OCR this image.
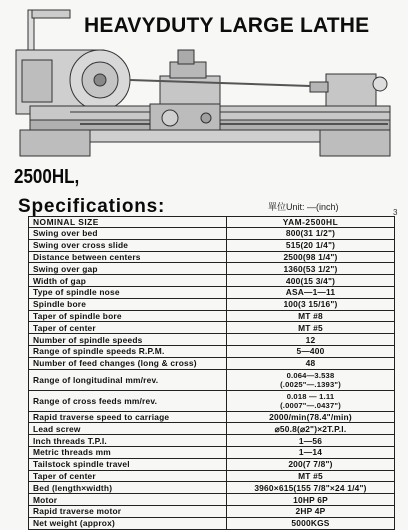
HEAVYDUTY LARGE LATHE
2500HL,
Specifications:	單位Unit: —(inch)
3
NOMINAL SIZE	YAM-2500HL
Swing over bed	800(31 1/2")
Swing over cross slide	515(20 1/4")
Distance between centers	2500(98 1/4")
Swing over gap	1360(53 1/2")
Width of gap	400(15 3/4")
Type of spindle nose	ASA—1—11
Spindle bore	100(3 15/16")
Taper of spindle bore	MT #8
Taper of center	MT #5
Number of spindle speeds	12
Range of spindle speeds R.P.M.	5—400
Number of feed changes (long & cross)	48
Range of longitudinal mm/rev.	0.064—3.538
(.0025"—.1393")

Range of cross feeds mm/rev.	0.018 — 1.11
(.0007"—.0437")

Rapid traverse speed to carriage	2000/min(78.4"/min)
Lead screw	⌀50.8(⌀2")×2T.P.I.
Inch threads T.P.I.	1—56
Metric threads mm	1—14
Tailstock spindle travel	200(7 7/8")
Taper of center	MT #5
Bed (length×width)	3960×615(155 7/8"×24 1/4")
Motor	10HP 6P
Rapid traverse motor	2HP 4P
Net weight (approx)	5000KGS
